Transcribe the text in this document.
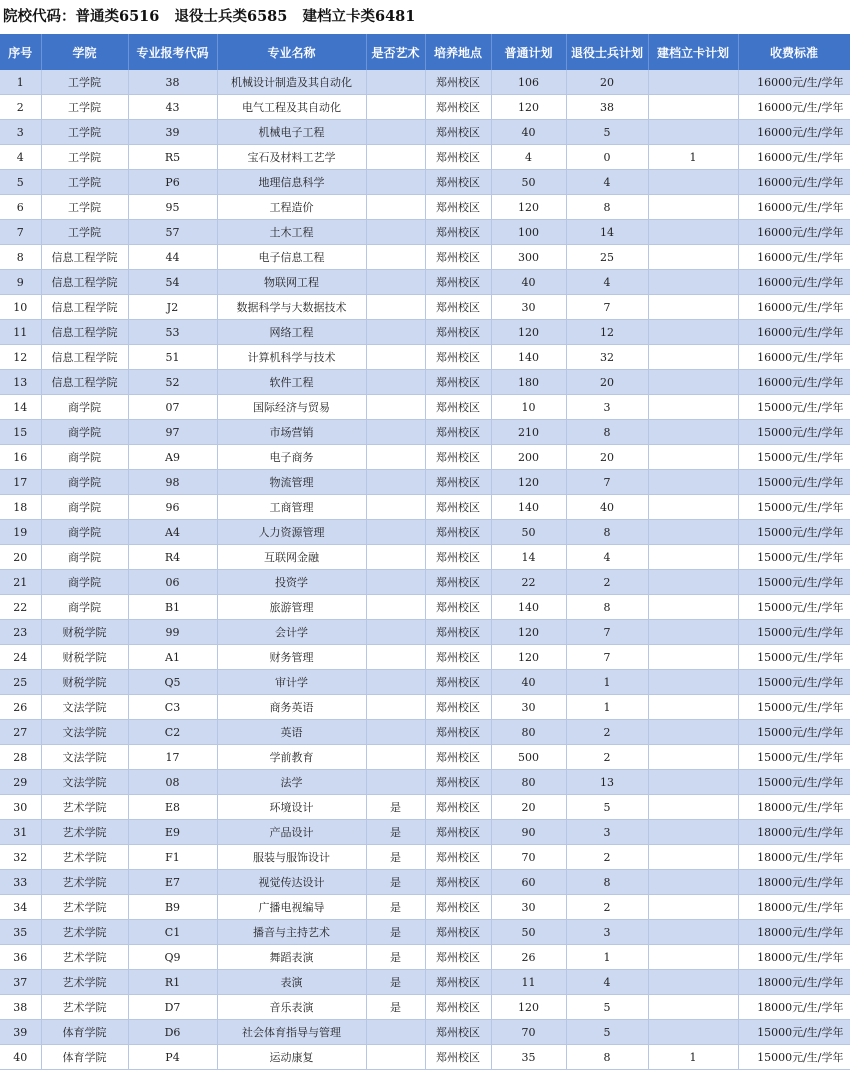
院校代码：普通类6516   退役士兵类6585   建档立卡类6481
序号	学院	专业报考代码	专业名称	是否艺术	培养地点	普通计划	退役士兵计划	建档立卡计划	收费标准
1	工学院	38	机械设计制造及其自动化		郑州校区	106	20		16000元/生/学年
2	工学院	43	电气工程及其自动化		郑州校区	120	38		16000元/生/学年
3	工学院	39	机械电子工程		郑州校区	40	5		16000元/生/学年
4	工学院	R5	宝石及材料工艺学		郑州校区	4	0	1	16000元/生/学年
5	工学院	P6	地理信息科学		郑州校区	50	4		16000元/生/学年
6	工学院	95	工程造价		郑州校区	120	8		16000元/生/学年
7	工学院	57	土木工程		郑州校区	100	14		16000元/生/学年
8	信息工程学院	44	电子信息工程		郑州校区	300	25		16000元/生/学年
9	信息工程学院	54	物联网工程		郑州校区	40	4		16000元/生/学年
10	信息工程学院	J2	数据科学与大数据技术		郑州校区	30	7		16000元/生/学年
11	信息工程学院	53	网络工程		郑州校区	120	12		16000元/生/学年
12	信息工程学院	51	计算机科学与技术		郑州校区	140	32		16000元/生/学年
13	信息工程学院	52	软件工程		郑州校区	180	20		16000元/生/学年
14	商学院	07	国际经济与贸易		郑州校区	10	3		15000元/生/学年
15	商学院	97	市场营销		郑州校区	210	8		15000元/生/学年
16	商学院	A9	电子商务		郑州校区	200	20		15000元/生/学年
17	商学院	98	物流管理		郑州校区	120	7		15000元/生/学年
18	商学院	96	工商管理		郑州校区	140	40		15000元/生/学年
19	商学院	A4	人力资源管理		郑州校区	50	8		15000元/生/学年
20	商学院	R4	互联网金融		郑州校区	14	4		15000元/生/学年
21	商学院	06	投资学		郑州校区	22	2		15000元/生/学年
22	商学院	B1	旅游管理		郑州校区	140	8		15000元/生/学年
23	财税学院	99	会计学		郑州校区	120	7		15000元/生/学年
24	财税学院	A1	财务管理		郑州校区	120	7		15000元/生/学年
25	财税学院	Q5	审计学		郑州校区	40	1		15000元/生/学年
26	文法学院	C3	商务英语		郑州校区	30	1		15000元/生/学年
27	文法学院	C2	英语		郑州校区	80	2		15000元/生/学年
28	文法学院	17	学前教育		郑州校区	500	2		15000元/生/学年
29	文法学院	08	法学		郑州校区	80	13		15000元/生/学年
30	艺术学院	E8	环境设计	是	郑州校区	20	5		18000元/生/学年
31	艺术学院	E9	产品设计	是	郑州校区	90	3		18000元/生/学年
32	艺术学院	F1	服装与服饰设计	是	郑州校区	70	2		18000元/生/学年
33	艺术学院	E7	视觉传达设计	是	郑州校区	60	8		18000元/生/学年
34	艺术学院	B9	广播电视编导	是	郑州校区	30	2		18000元/生/学年
35	艺术学院	C1	播音与主持艺术	是	郑州校区	50	3		18000元/生/学年
36	艺术学院	Q9	舞蹈表演	是	郑州校区	26	1		18000元/生/学年
37	艺术学院	R1	表演	是	郑州校区	11	4		18000元/生/学年
38	艺术学院	D7	音乐表演	是	郑州校区	120	5		18000元/生/学年
39	体育学院	D6	社会体育指导与管理		郑州校区	70	5		15000元/生/学年
40	体育学院	P4	运动康复		郑州校区	35	8	1	15000元/生/学年
